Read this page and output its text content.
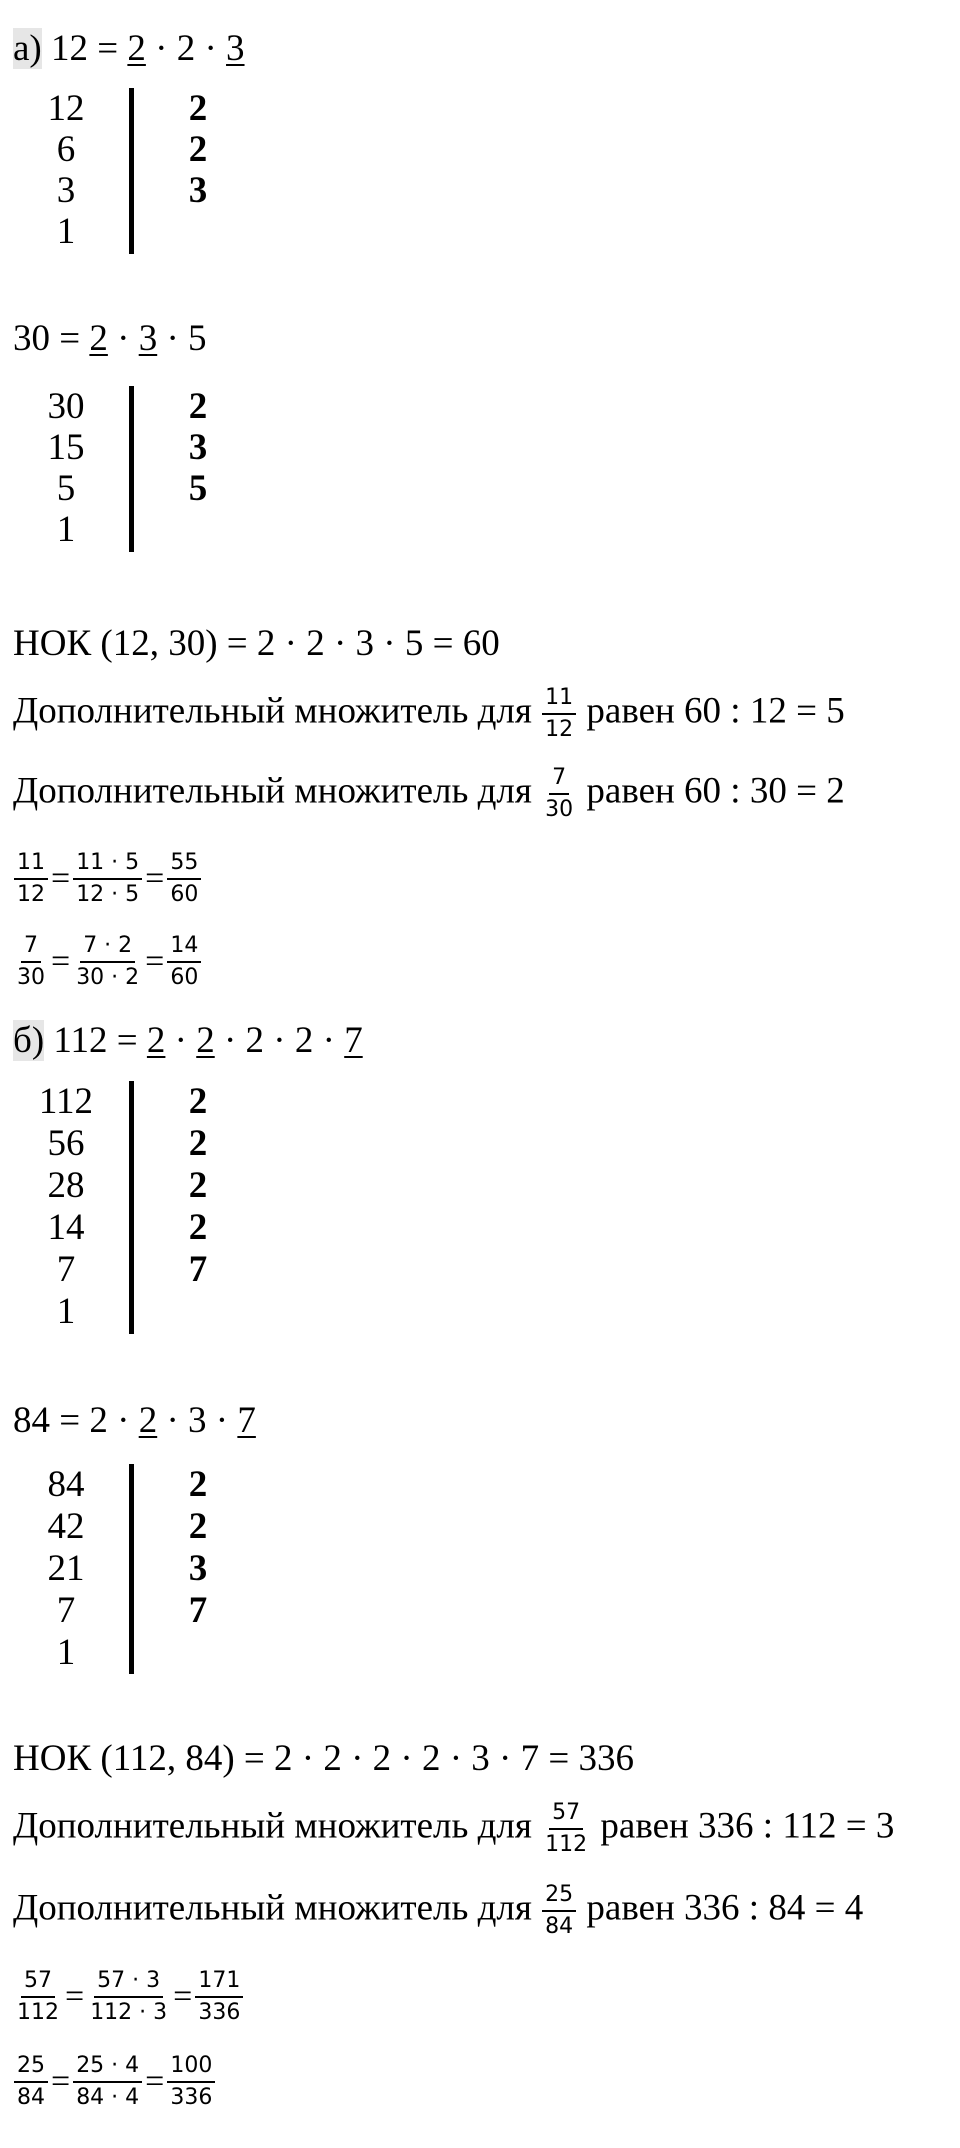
а) 12 = 2 · 2 · 3
12
6
3
1
2
2
3
30 = 2 · 3 · 5
30
15
5
1
2
3
5
НОК (12, 30) = 2 · 2 · 3 · 5 = 60
Дополнительный множитель для $\frac{11}{12}$ равен 60 : 12 = 5
Дополнительный множитель для $\frac{7}{30}$ равен 60 : 30 = 2
$\frac{11}{12} = \frac{11 \cdot 5}{12 \cdot 5} = \frac{55}{60}$
$\frac{7}{30} = \frac{7 \cdot 2}{30 \cdot 2} = \frac{14}{60}$
б) 112 = 2 · 2 · 2 · 2 · 7
112
56
28
14
7
1
2
2
2
2
7
84 = 2 · 2 · 3 · 7
84
42
21
7
1
2
2
3
7
НОК (112, 84) = 2 · 2 · 2 · 2 · 3 · 7 = 336
Дополнительный множитель для $\frac{57}{112}$ равен 336 : 112 = 3
Дополнительный множитель для $\frac{25}{84}$ равен 336 : 84 = 4
$\frac{57}{112} = \frac{57 \cdot 3}{112 \cdot 3} = \frac{171}{336}$
$\frac{25}{84} = \frac{25 \cdot 4}{84 \cdot 4} = \frac{100}{336}$
